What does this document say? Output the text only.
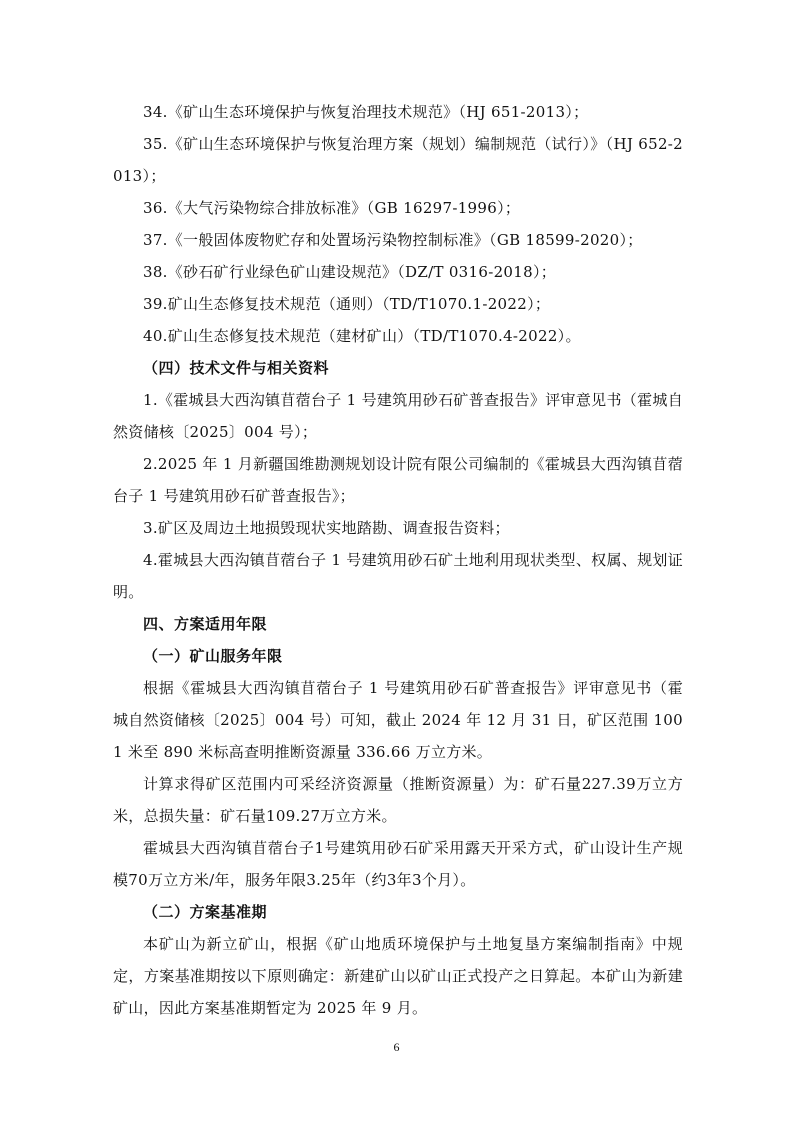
34.《矿山生态环境保护与恢复治理技术规范》（HJ 651-2013）；

35.《矿山生态环境保护与恢复治理方案（规划）编制规范（试行）》（HJ 652-2013）；

36.《大气污染物综合排放标准》（GB 16297-1996）；

37.《一般固体废物贮存和处置场污染物控制标准》（GB 18599-2020）；

38.《砂石矿行业绿色矿山建设规范》（DZ/T 0316-2018）；

39.矿山生态修复技术规范（通则）（TD/T1070.1-2022）；

40.矿山生态修复技术规范（建材矿山）（TD/T1070.4-2022）。

（四）技术文件与相关资料

1.《霍城县大西沟镇苜蓿台子 1 号建筑用砂石矿普查报告》评审意见书（霍城自然资储核〔2025〕004 号）；

2.2025 年 1 月新疆国维勘测规划设计院有限公司编制的《霍城县大西沟镇苜蓿台子 1 号建筑用砂石矿普查报告》；

3.矿区及周边土地损毁现状实地踏勘、调查报告资料；

4.霍城县大西沟镇苜蓿台子 1 号建筑用砂石矿土地利用现状类型、权属、规划证明。

四、方案适用年限

（一）矿山服务年限

根据《霍城县大西沟镇苜蓿台子 1 号建筑用砂石矿普查报告》评审意见书（霍城自然资储核〔2025〕004 号）可知，截止 2024 年 12 月 31 日，矿区范围 1001 米至 890 米标高查明推断资源量 336.66 万立方米。

计算求得矿区范围内可采经济资源量（推断资源量）为：矿石量227.39万立方米，总损失量：矿石量109.27万立方米。

霍城县大西沟镇苜蓿台子1号建筑用砂石矿采用露天开采方式，矿山设计生产规模70万立方米/年，服务年限3.25年（约3年3个月）。

（二）方案基准期

本矿山为新立矿山，根据《矿山地质环境保护与土地复垦方案编制指南》中规定，方案基准期按以下原则确定：新建矿山以矿山正式投产之日算起。本矿山为新建矿山，因此方案基准期暂定为 2025 年 9 月。

6
